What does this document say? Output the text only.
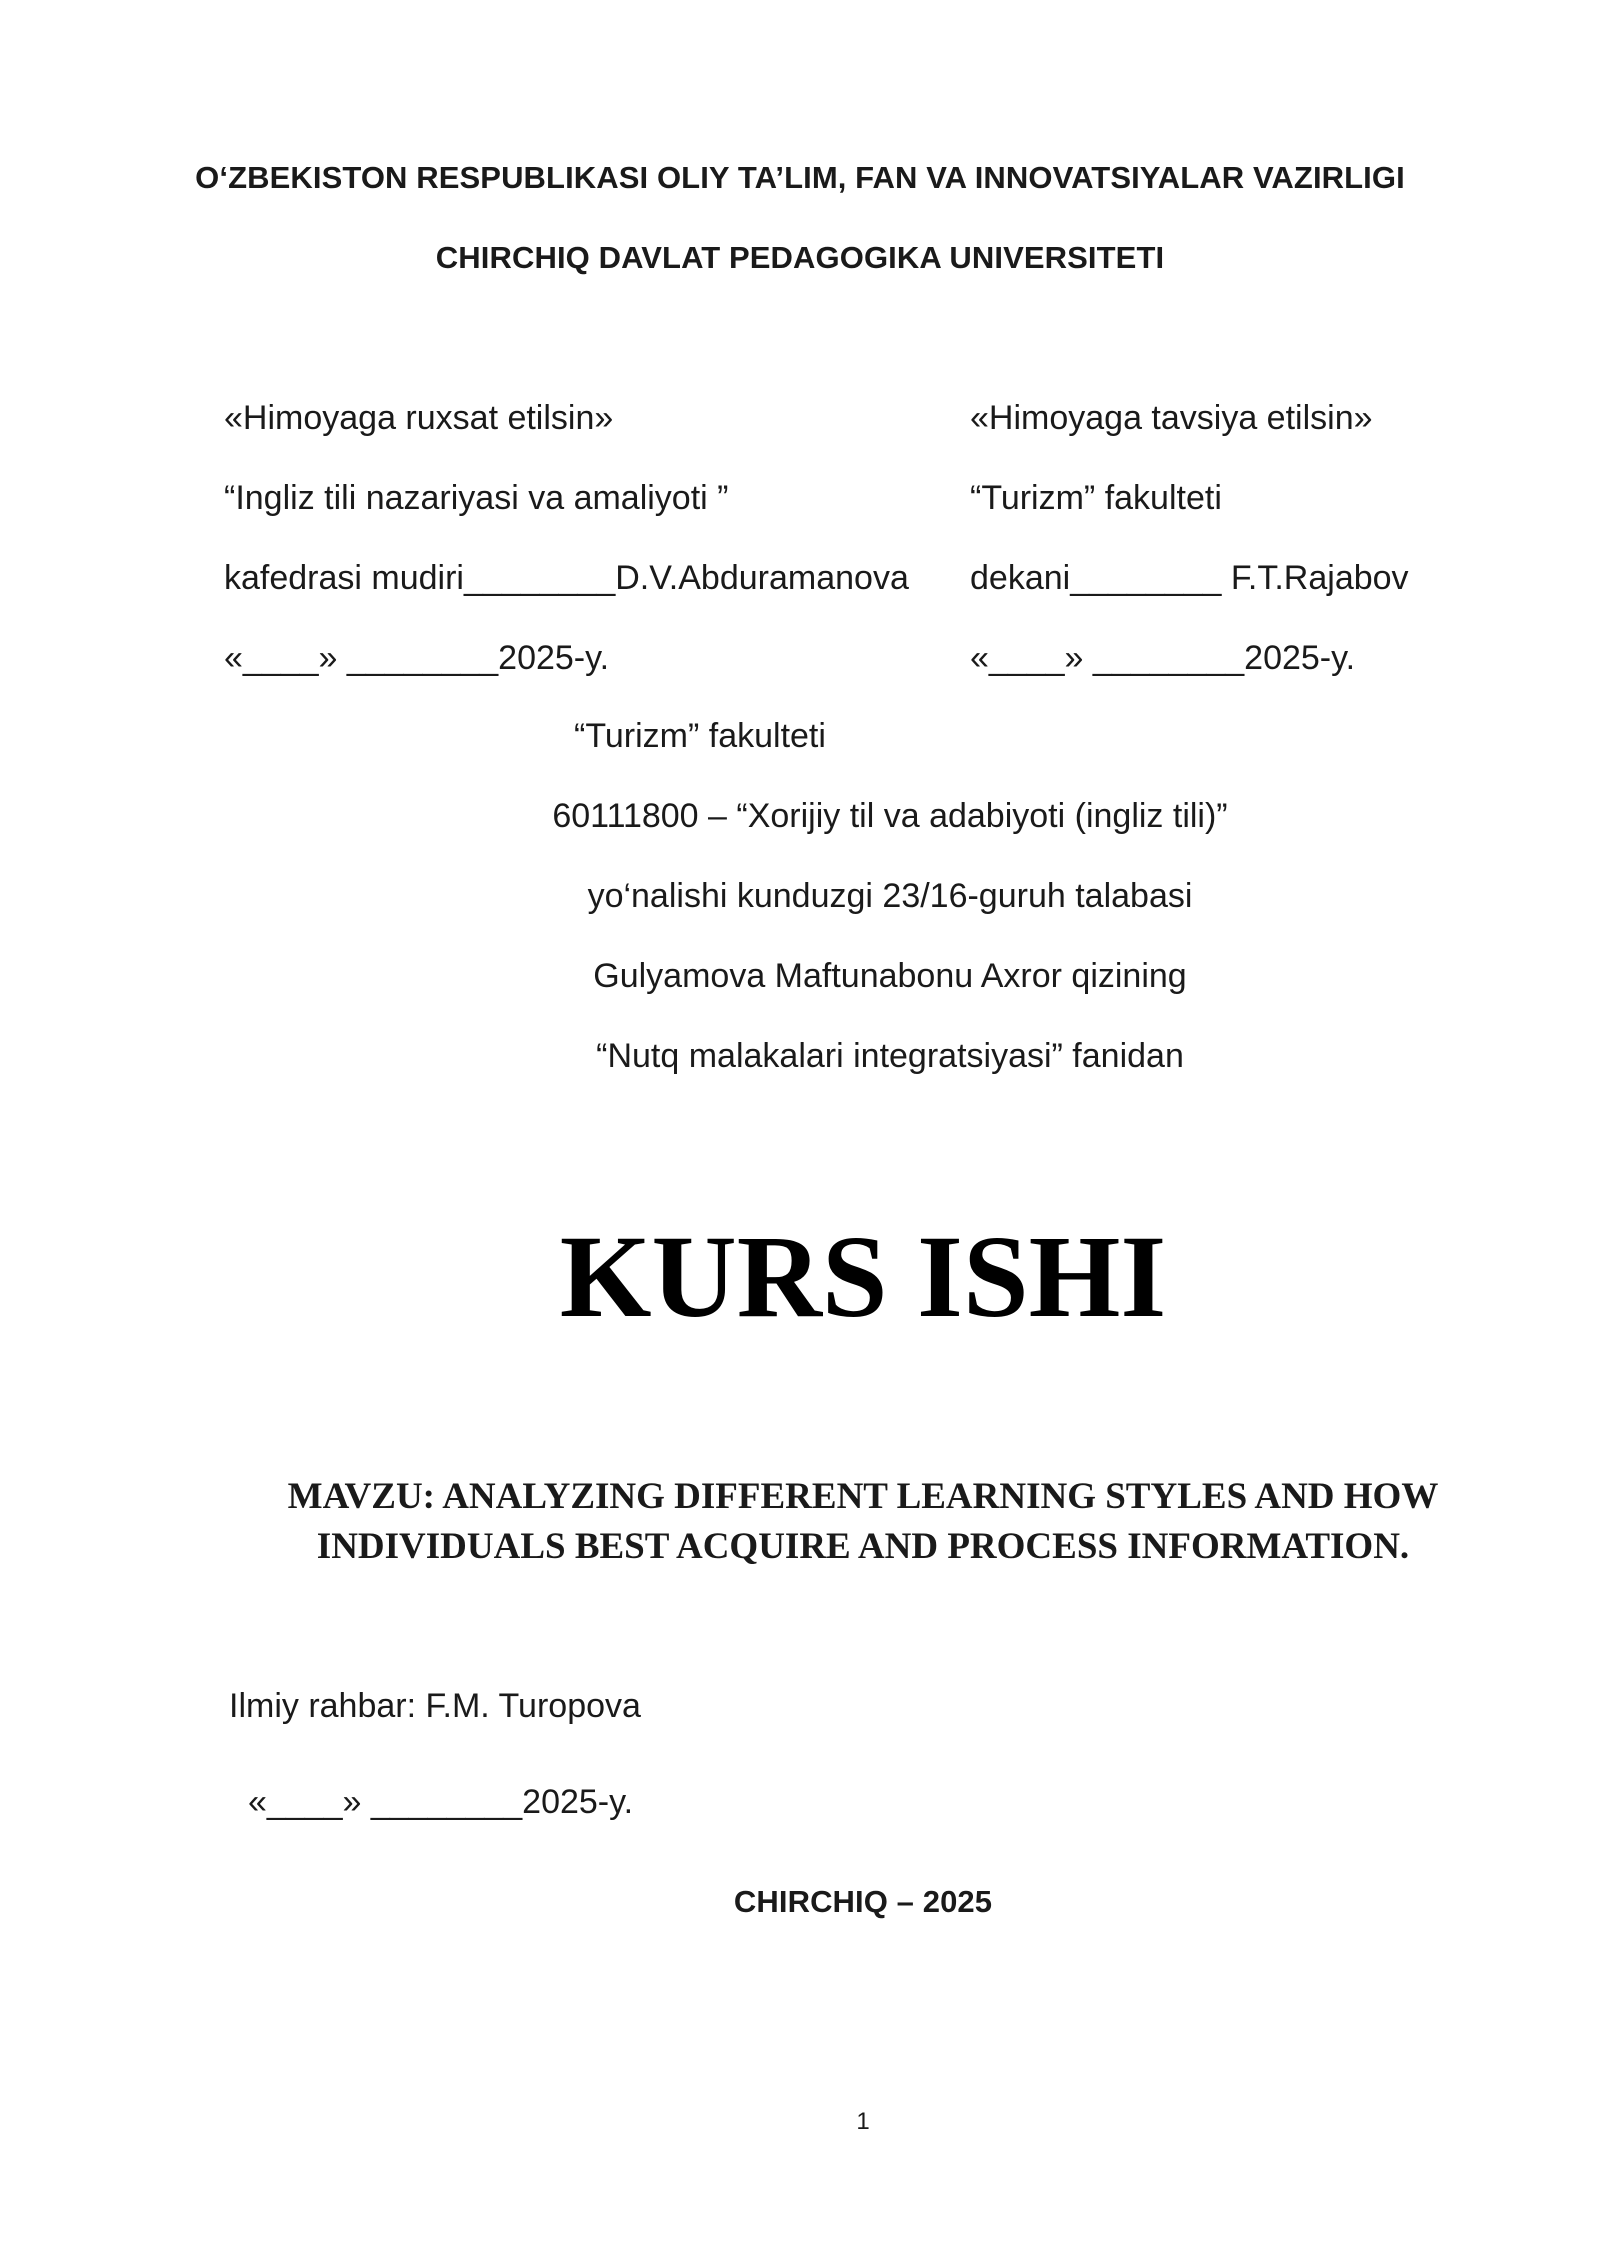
O‘ZBEKISTON RESPUBLIKASI OLIY TA’LIM, FAN VA INNOVATSIYALAR VAZIRLIGI
CHIRCHIQ DAVLAT PEDAGOGIKA UNIVERSITETI
«Himoyaga ruxsat etilsin»
“Ingliz tili nazariyasi va amaliyoti ”
kafedrasi mudiri________D.V.Abduramanova
«____» ________2025-y.
«Himoyaga tavsiya etilsin»
“Turizm” fakulteti
dekani________ F.T.Rajabov
«____» ________2025-y.
“Turizm” fakulteti
60111800 – “Xorijiy til va adabiyoti (ingliz tili)”
yo‘nalishi kunduzgi 23/16-guruh talabasi
Gulyamova Maftunabonu Axror qizining
“Nutq malakalari integratsiyasi” fanidan
KURS ISHI
MAVZU: ANALYZING DIFFERENT LEARNING STYLES AND HOW
INDIVIDUALS BEST ACQUIRE AND PROCESS INFORMATION.
Ilmiy rahbar: F.M. Turopova
«____» ________2025-y.
CHIRCHIQ – 2025
1
